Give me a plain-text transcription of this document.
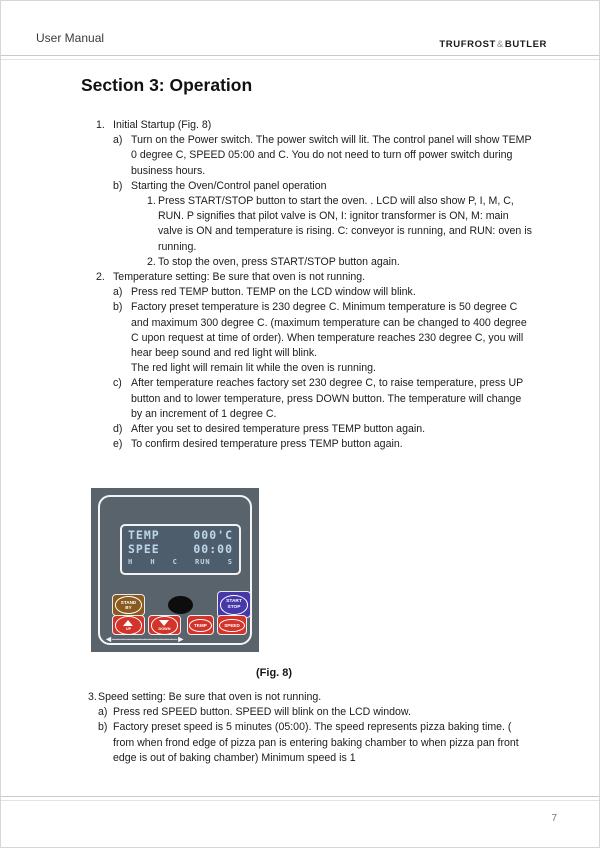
User Manual	TRUFROST&BUTLER
Section 3: Operation
1. Initial Startup (Fig. 8)
a) Turn on the Power switch. The power switch will lit. The control panel will show TEMP 0 degree C, SPEED 05:00 and C. You do not need to turn off power switch during business hours.
b) Starting the Oven/Control panel operation
1. Press START/STOP button to start the oven. . LCD will also show P, I, M, C, RUN. P signifies that pilot valve is ON, I: ignitor transformer is ON, M: main valve is ON and temperature is rising. C: conveyor is running, and RUN: oven is running.
2. To stop the oven, press START/STOP button again.
2. Temperature setting: Be sure that oven is not running.
a) Press red TEMP button. TEMP on the LCD window will blink.
b) Factory preset temperature is 230 degree C. Minimum temperature is 50 degree C and maximum 300 degree C. (maximum temperature can be changed to 400 degree C upon request at time of order). When temperature reaches 230 degree C, you will hear beep sound and red light will blink.
The red light will remain lit while the oven is running.
c) After temperature reaches factory set 230 degree C, to raise temperature, press UP button and to lower temperature, press DOWN button. The temperature will change by an increment of 1 degree C.
d) After you set to desired temperature press TEMP button again.
e) To confirm desired temperature press TEMP button again.
TEMP	000'C
SPEE	00:00
H H C RUN S
STAND BY
START
STOP
UP	DOWN
TEMP	SPEED
◄────── ──────►
(Fig. 8)
3. Speed setting: Be sure that oven is not running.
a) Press red SPEED button. SPEED will blink on the LCD window.
b) Factory preset speed is 5 minutes (05:00). The speed represents pizza baking time. ( from when frond edge of pizza pan is entering baking chamber to when pizza pan front edge is out of baking chamber) Minimum speed is 1
7
